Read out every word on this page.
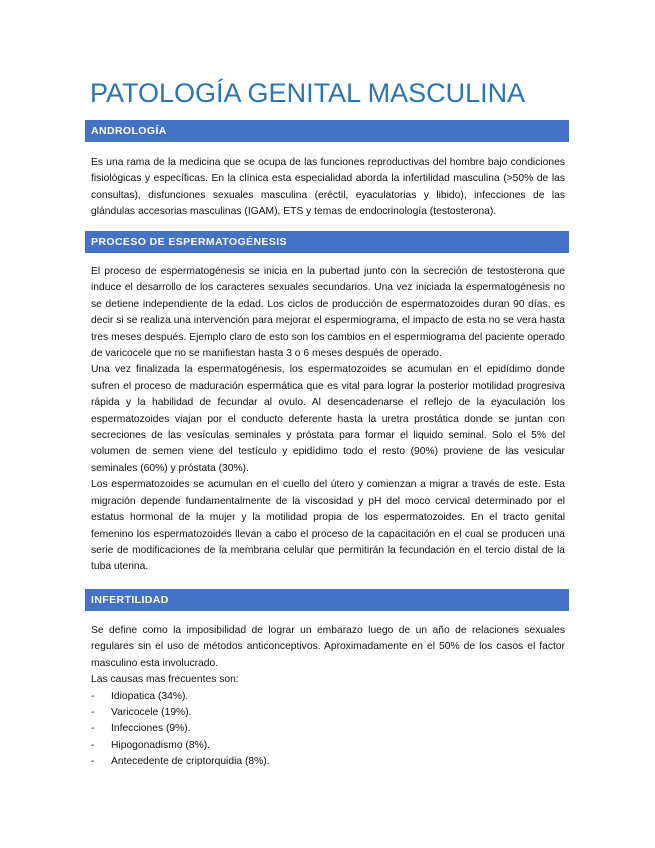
PATOLOGÍA GENITAL MASCULINA
ANDROLOGÍA

Es una rama de la medicina que se ocupa de las funciones reproductivas del hombre bajo condiciones fisiológicas y específicas. En la clínica esta especialidad aborda la infertilidad masculina (>50% de las consultas), disfunciones sexuales masculina (eréctil, eyaculatorias y libido), infecciones de las glándulas accesorias masculinas (IGAM), ETS y temas de endocrinología (testosterona).

PROCESO DE ESPERMATOGÉNESIS

El proceso de espermatogénesis se inicia en la pubertad junto con la secreción de testosterona que induce el desarrollo de los caracteres sexuales secundarios. Una vez iniciada la espermatogénesis no se detiene independiente de la edad. Los ciclos de producción de espermatozoides duran 90 días, es decir si se realiza una intervención para mejorar el espermiograma, el impacto de esta no se vera hasta tres meses después. Ejemplo claro de esto son los cambios en el espermiograma del paciente operado de varicocele que no se manifiestan hasta 3 o 6 meses después de operado.

Una vez finalizada la espermatogénesis, los espermatozoides se acumulan en el epidídimo donde sufren el proceso de maduración espermática que es vital para lograr la posterior motilidad progresiva rápida y la habilidad de fecundar al ovulo. Al desencadenarse el reflejo de la eyaculación los espermatozoides viajan por el conducto deferente hasta la uretra prostática donde se juntan con secreciones de las vesículas seminales y próstata para formar el liquido seminal. Solo el 5% del volumen de semen viene del testículo y epidídimo todo el resto (90%) proviene de las vesicular seminales (60%) y próstata (30%).

Los espermatozoides se acumulan en el cuello del útero y comienzan a migrar a través de este. Esta migración depende fundamentalmente de la viscosidad y pH del moco cervical determinado por el estatus hormonal de la mujer y la motilidad propia de los espermatozoides. En el tracto genital femenino los espermatozoides llevan a cabo el proceso de la capacitación en el cual se producen una serie de modificaciones de la membrana celular que permitirán la fecundación en el tercio distal de la tuba uterina.

INFERTILIDAD

Se define como la imposibilidad de lograr un embarazo luego de un año de relaciones sexuales regulares sin el uso de métodos anticonceptivos. Aproximadamente en el 50% de los casos el factor masculino esta involucrado.

Las causas mas frecuentes son:

- Idiopatica (34%).
- Varicocele (19%).
- Infecciones (9%).
- Hipogonadismo (8%).
- Antecedente de criptorquidia (8%).
